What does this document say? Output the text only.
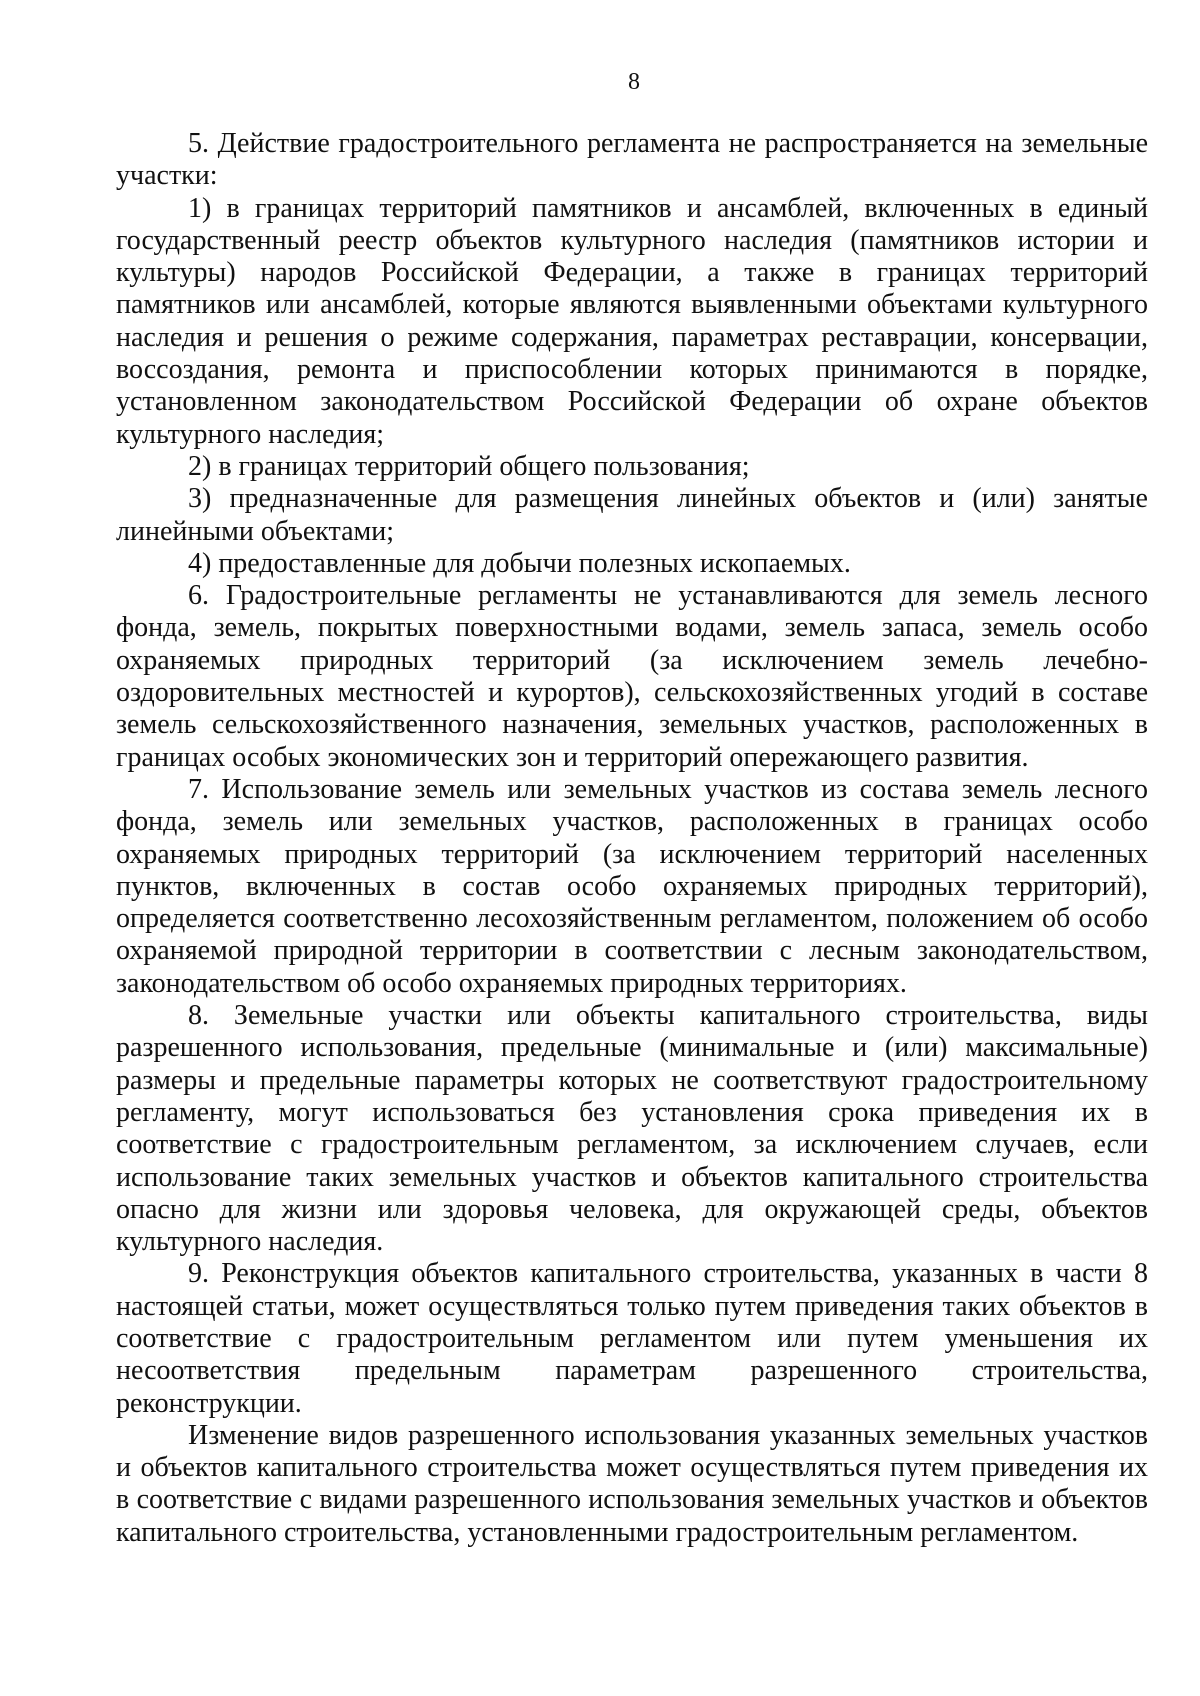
8

5. Действие градостроительного регламента не распространяется на земельные участки:

1) в границах территорий памятников и ансамблей, включенных в единый государственный реестр объектов культурного наследия (памятников истории и культуры) народов Российской Федерации, а также в границах территорий памятников или ансамблей, которые являются выявленными объектами культурного наследия и решения о режиме содержания, параметрах реставрации, консервации, воссоздания, ремонта и приспособлении которых принимаются в порядке, установленном законодательством Российской Федерации об охране объектов культурного наследия;

2) в границах территорий общего пользования;

3) предназначенные для размещения линейных объектов и (или) занятые линейными объектами;

4) предоставленные для добычи полезных ископаемых.

6. Градостроительные регламенты не устанавливаются для земель лесного фонда, земель, покрытых поверхностными водами, земель запаса, земель особо охраняемых природных территорий (за исключением земель лечебно-оздоровительных местностей и курортов), сельскохозяйственных угодий в составе земель сельскохозяйственного назначения, земельных участков, расположенных в границах особых экономических зон и территорий опережающего развития.

7. Использование земель или земельных участков из состава земель лесного фонда, земель или земельных участков, расположенных в границах особо охраняемых природных территорий (за исключением территорий населенных пунктов, включенных в состав особо охраняемых природных территорий), определяется соответственно лесохозяйственным регламентом, положением об особо охраняемой природной территории в соответствии с лесным законодательством, законодательством об особо охраняемых природных территориях.

8. Земельные участки или объекты капитального строительства, виды разрешенного использования, предельные (минимальные и (или) максимальные) размеры и предельные параметры которых не соответствуют градостроительному регламенту, могут использоваться без установления срока приведения их в соответствие с градостроительным регламентом, за исключением случаев, если использование таких земельных участков и объектов капитального строительства опасно для жизни или здоровья человека, для окружающей среды, объектов культурного наследия.

9. Реконструкция объектов капитального строительства, указанных в части 8 настоящей статьи, может осуществляться только путем приведения таких объектов в соответствие с градостроительным регламентом или путем уменьшения их несоответствия предельным параметрам разрешенного строительства, реконструкции.

Изменение видов разрешенного использования указанных земельных участков и объектов капитального строительства может осуществляться путем приведения их в соответствие с видами разрешенного использования земельных участков и объектов капитального строительства, установленными градостроительным регламентом.
